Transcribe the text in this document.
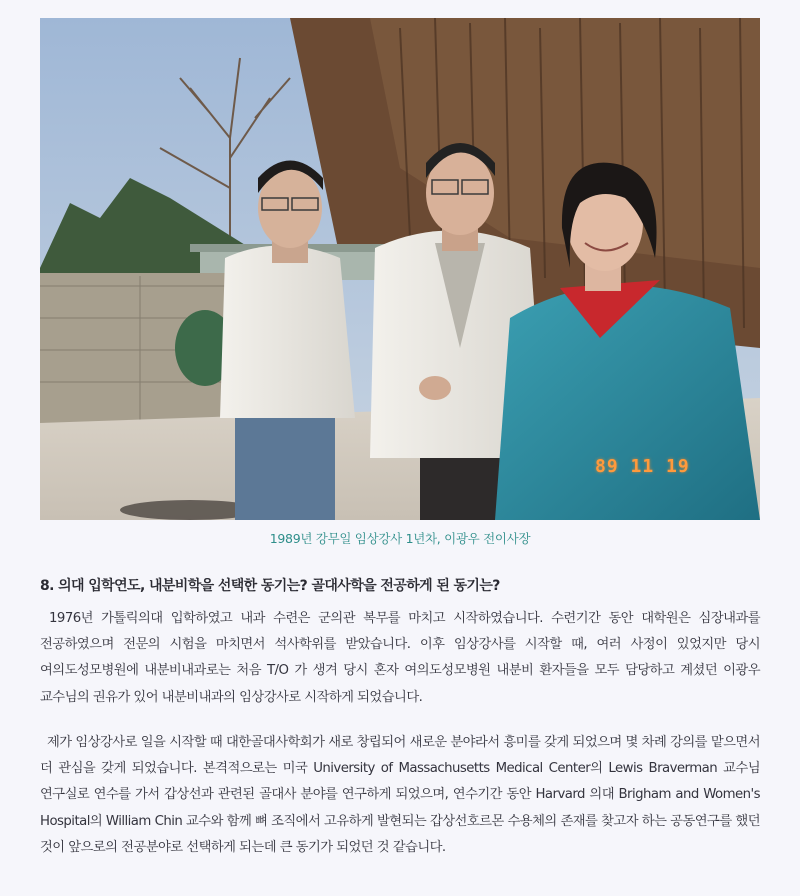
89 11 19
1989년 강무일 임상강사 1년차, 이광우 전이사장
8. 의대 입학연도, 내분비학을 선택한 동기는? 골대사학을 전공하게 된 동기는?

1976년 가톨릭의대 입학하였고 내과 수련은 군의관 복무를 마치고 시작하였습니다. 수련기간 동안 대학원은 심장내과를 전공하였으며 전문의 시험을 마치면서 석사학위를 받았습니다. 이후 임상강사를 시작할 때, 여러 사정이 있었지만 당시 여의도성모병원에 내분비내과로는 처음 T/O 가 생겨 당시 혼자 여의도성모병원 내분비 환자들을 모두 담당하고 계셨던 이광우 교수님의 권유가 있어 내분비내과의 임상강사로 시작하게 되었습니다.

제가 임상강사로 일을 시작할 때 대한골대사학회가 새로 창립되어 새로운 분야라서 흥미를 갖게 되었으며 몇 차례 강의를 맡으면서 더 관심을 갖게 되었습니다. 본격적으로는 미국 University of Massachusetts Medical Center의 Lewis Braverman 교수님 연구실로 연수를 가서 갑상선과 관련된 골대사 분야를 연구하게 되었으며, 연수기간 동안 Harvard 의대 Brigham and Women's Hospital의 William Chin 교수와 함께 뼈 조직에서 고유하게 발현되는 갑상선호르몬 수용체의 존재를 찾고자 하는 공동연구를 했던 것이 앞으로의 전공분야로 선택하게 되는데 큰 동기가 되었던 것 같습니다.
